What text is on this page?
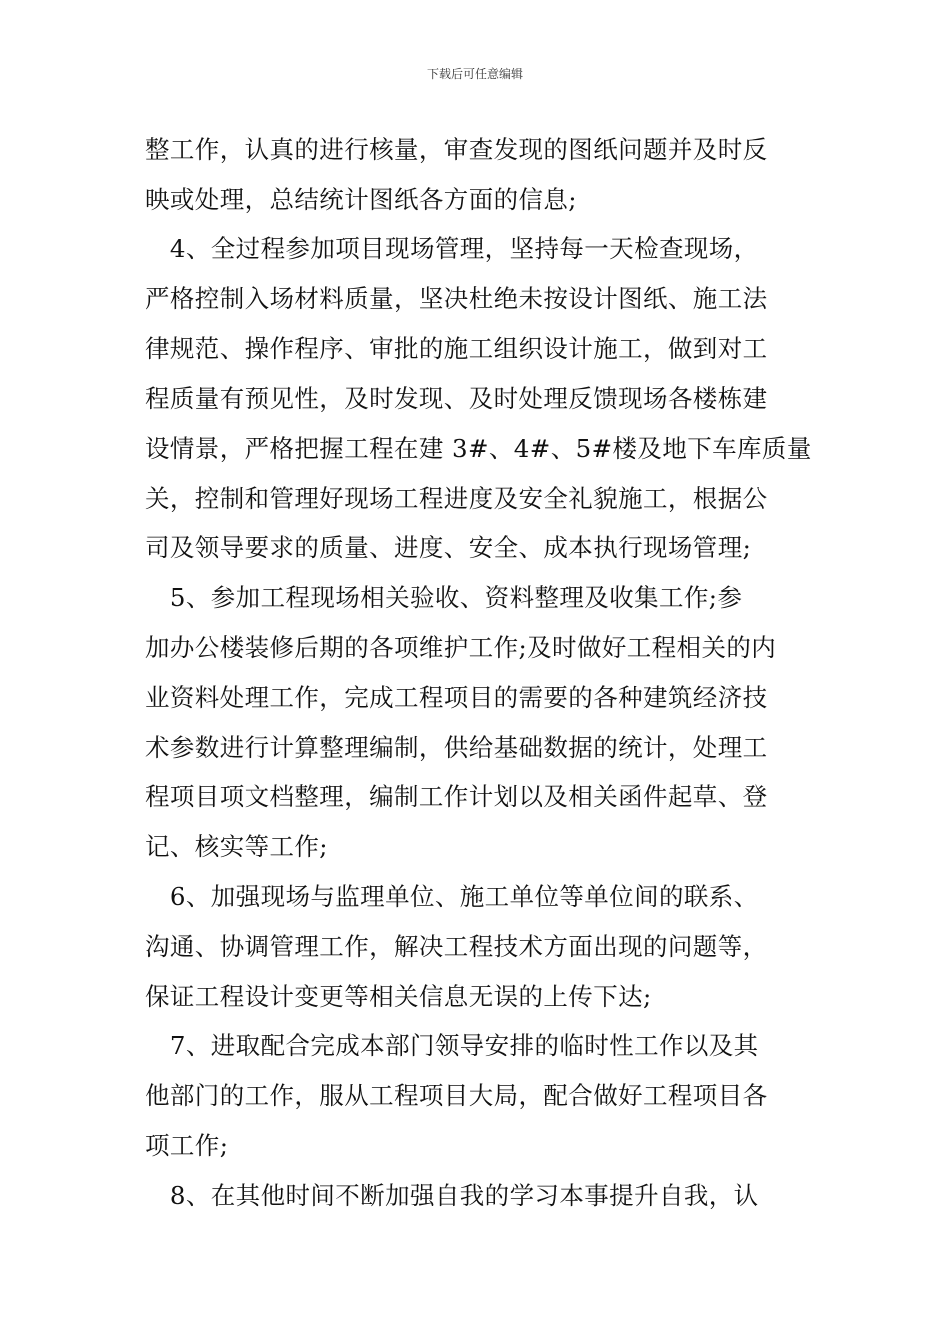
下载后可任意编辑
整工作，认真的进行核量，审查发现的图纸问题并及时反
映或处理，总结统计图纸各方面的信息;
　4、全过程参加项目现场管理，坚持每一天检查现场，
严格控制入场材料质量，坚决杜绝未按设计图纸、施工法
律规范、操作程序、审批的施工组织设计施工，做到对工
程质量有预见性，及时发现、及时处理反馈现场各楼栋建
设情景，严格把握工程在建 3#、4#、5#楼及地下车库质量
关，控制和管理好现场工程进度及安全礼貌施工，根据公
司及领导要求的质量、进度、安全、成本执行现场管理;
　5、参加工程现场相关验收、资料整理及收集工作;参
加办公楼装修后期的各项维护工作;及时做好工程相关的内
业资料处理工作，完成工程项目的需要的各种建筑经济技
术参数进行计算整理编制，供给基础数据的统计，处理工
程项目项文档整理，编制工作计划以及相关函件起草、登
记、核实等工作;
　6、加强现场与监理单位、施工单位等单位间的联系、
沟通、协调管理工作，解决工程技术方面出现的问题等，
保证工程设计变更等相关信息无误的上传下达;
　7、进取配合完成本部门领导安排的临时性工作以及其
他部门的工作，服从工程项目大局，配合做好工程项目各
项工作;
　8、在其他时间不断加强自我的学习本事提升自我，认
